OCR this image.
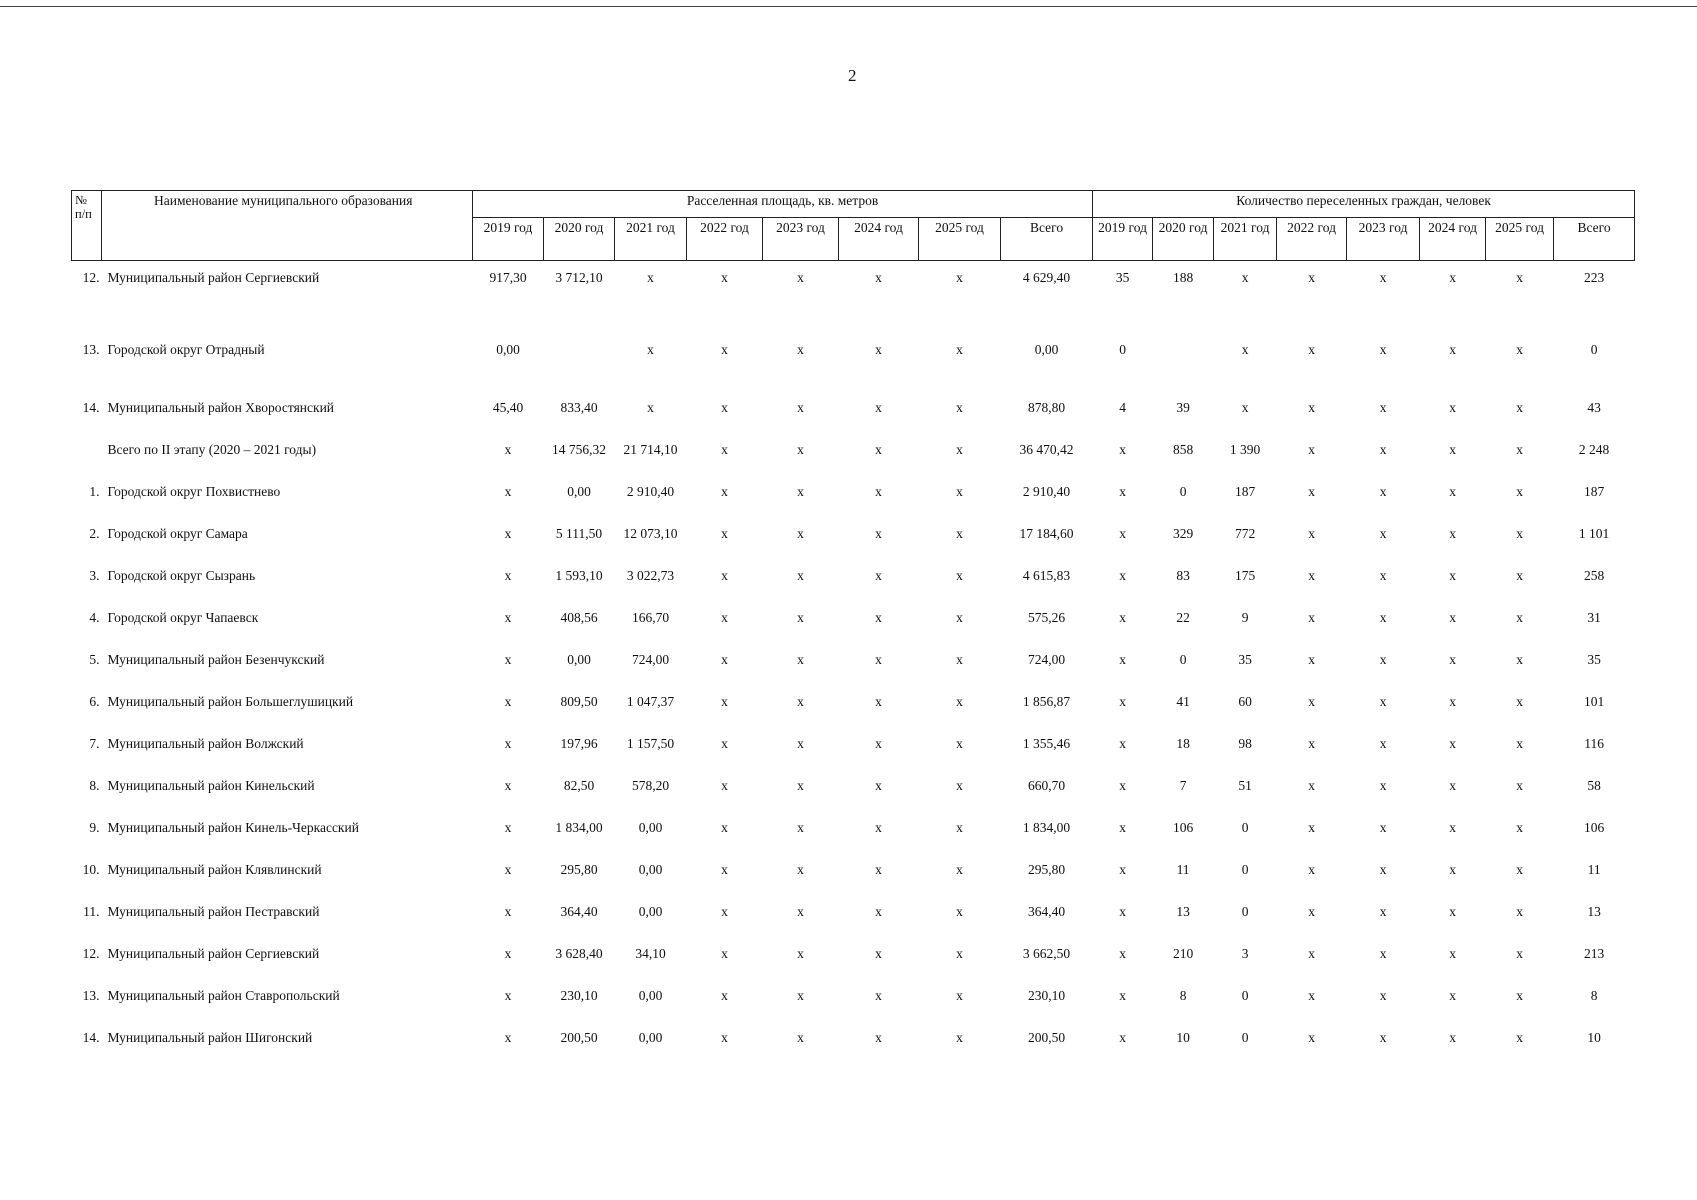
2
№ п/п	Наименование муниципального образования	Расселенная площадь, кв. метров								Количество переселенных граждан, человек							
		2019 год	2020 год	2021 год	2022 год	2023 год	2024 год	2025 год	Всего	2019 год	2020 год	2021 год	2022 год	2023 год	2024 год	2025 год	Всего
12.	Муниципальный район Сергиевский	917,30	3 712,10	х	х	х	х	х	4 629,40	35	188	х	х	х	х	х	223
13.	Городской округ Отрадный	0,00		х	х	х	х	х	0,00	0		х	х	х	х	х	0
14.	Муниципальный район Хворостянский	45,40	833,40	х	х	х	х	х	878,80	4	39	х	х	х	х	х	43
	Всего по II этапу (2020 – 2021 годы)	х	14 756,32	21 714,10	х	х	х	х	36 470,42	х	858	1 390	х	х	х	х	2 248
1.	Городской округ Похвистнево	х	0,00	2 910,40	х	х	х	х	2 910,40	х	0	187	х	х	х	х	187
2.	Городской округ Самара	х	5 111,50	12 073,10	х	х	х	х	17 184,60	х	329	772	х	х	х	х	1 101
3.	Городской округ Сызрань	х	1 593,10	3 022,73	х	х	х	х	4 615,83	х	83	175	х	х	х	х	258
4.	Городской округ Чапаевск	х	408,56	166,70	х	х	х	х	575,26	х	22	9	х	х	х	х	31
5.	Муниципальный район Безенчукский	х	0,00	724,00	х	х	х	х	724,00	х	0	35	х	х	х	х	35
6.	Муниципальный район Большеглушицкий	х	809,50	1 047,37	х	х	х	х	1 856,87	х	41	60	х	х	х	х	101
7.	Муниципальный район Волжский	х	197,96	1 157,50	х	х	х	х	1 355,46	х	18	98	х	х	х	х	116
8.	Муниципальный район Кинельский	х	82,50	578,20	х	х	х	х	660,70	х	7	51	х	х	х	х	58
9.	Муниципальный район Кинель-Черкасский	х	1 834,00	0,00	х	х	х	х	1 834,00	х	106	0	х	х	х	х	106
10.	Муниципальный район Клявлинский	х	295,80	0,00	х	х	х	х	295,80	х	11	0	х	х	х	х	11
11.	Муниципальный район Пестравский	х	364,40	0,00	х	х	х	х	364,40	х	13	0	х	х	х	х	13
12.	Муниципальный район Сергиевский	х	3 628,40	34,10	х	х	х	х	3 662,50	х	210	3	х	х	х	х	213
13.	Муниципальный район Ставропольский	х	230,10	0,00	х	х	х	х	230,10	х	8	0	х	х	х	х	8
14.	Муниципальный район Шигонский	х	200,50	0,00	х	х	х	х	200,50	х	10	0	х	х	х	х	10
